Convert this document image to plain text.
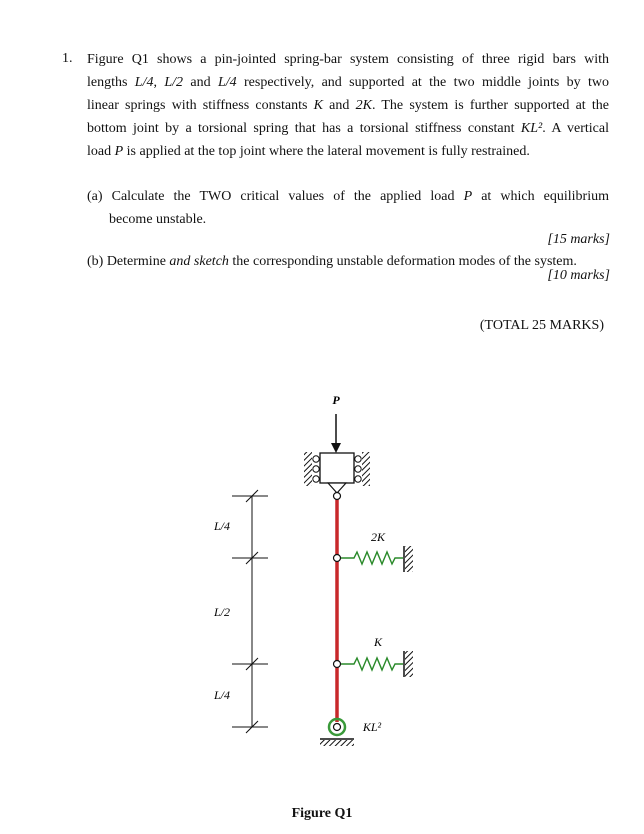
1. Figure Q1 shows a pin-jointed spring-bar system consisting of three rigid bars with
lengths L/4, L/2 and L/4 respectively, and supported at the two middle joints by two
linear springs with stiffness constants K and 2K. The system is further supported at the
bottom joint by a torsional spring that has a torsional stiffness constant KL². A vertical
load P is applied at the top joint where the lateral movement is fully restrained.
(a) Calculate the TWO critical values of the applied load P at which equilibrium
become unstable.
[15 marks]
(b) Determine and sketch the corresponding unstable deformation modes of the system.
[10 marks]
(TOTAL 25 MARKS)
P
2K
K
KL²
L/4
L/2
L/4
Figure Q1
